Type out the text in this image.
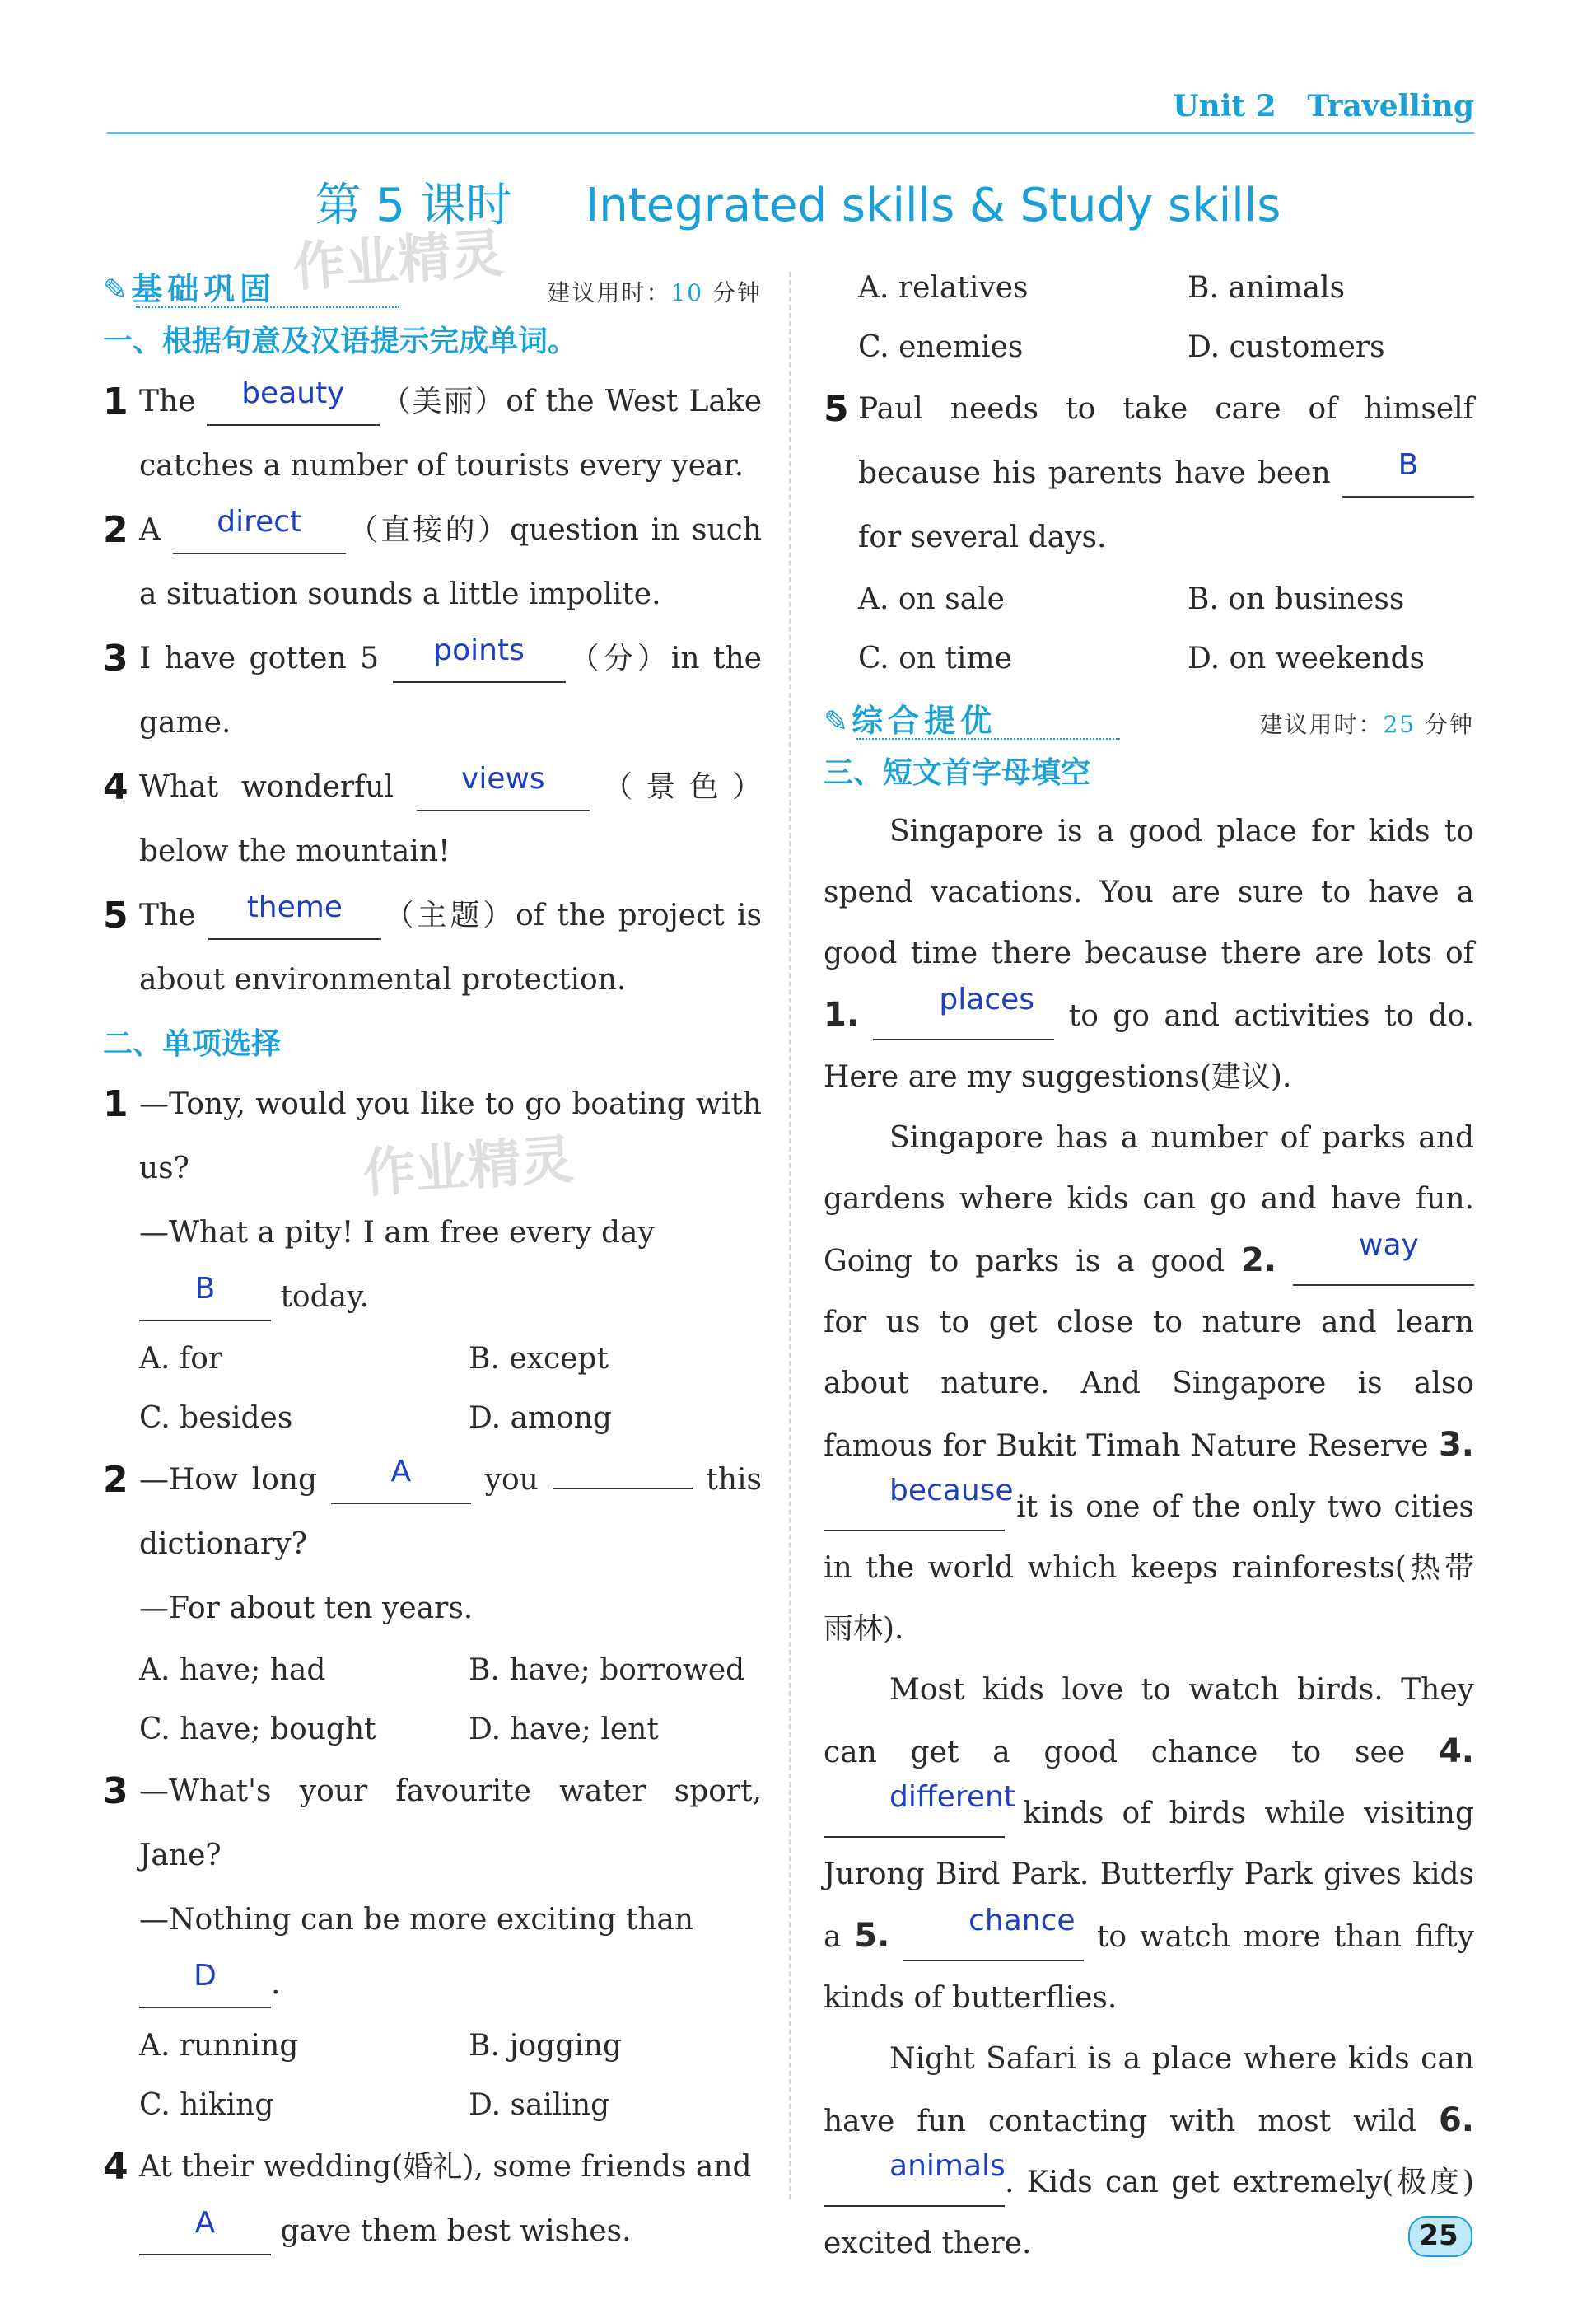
Unit 2 Travelling
第 5 课时 Integrated skills & Study skills
作业精灵
作业精灵
✎ 基础巩固	建议用时：10 分钟
一、根据句意及汉语提示完成单词。
1 The beauty （美丽）of the West Lake catches a number of tourists every year.
2 A direct （直接的）question in such a situation sounds a little impolite.
3 I have gotten 5 points （分）in the game.
4 What wonderful views （景色）below the mountain!
5 The theme （主题）of the project is about environmental protection.
二、单项选择
1 —Tony, would you like to go boating with us?
—What a pity! I am free every day
B today.
A. for	B. except
C. besides	D. among
2 —How long A you	this dictionary?
—For about ten years.
A. have; had	B. have; borrowed
C. have; bought	D. have; lent
3 —What's your favourite water sport, Jane?
—Nothing can be more exciting than
D .
A. running	B. jogging
C. hiking	D. sailing
4 At their wedding(婚礼), some friends and
A gave them best wishes.
A. relatives	B. animals
C. enemies	D. customers
5 Paul needs to take care of himself because his parents have been B for several days.
A. on sale	B. on business
C. on time	D. on weekends
✎ 综合提优	建议用时：25 分钟
三、短文首字母填空
Singapore is a good place for kids to spend vacations. You are sure to have a good time there because there are lots of 1.	places to go and activities to do. Here are my suggestions(建议).
Singapore has a number of parks and gardens where kids can go and have fun. Going to parks is a good 2.	way for us to get close to nature and learn about nature. And Singapore is also famous for Bukit Timah Nature Reserve 3. because it is one of the only two cities in the world which keeps rainforests(热带雨林).
Most kids love to watch birds. They can get a good chance to see 4. different kinds of birds while visiting Jurong Bird Park. Butterfly Park gives kids a 5.	chance to watch more than fifty kinds of butterflies.
Night Safari is a place where kids can have fun contacting with most wild 6. animals. Kids can get extremely(极度) excited there.	25
